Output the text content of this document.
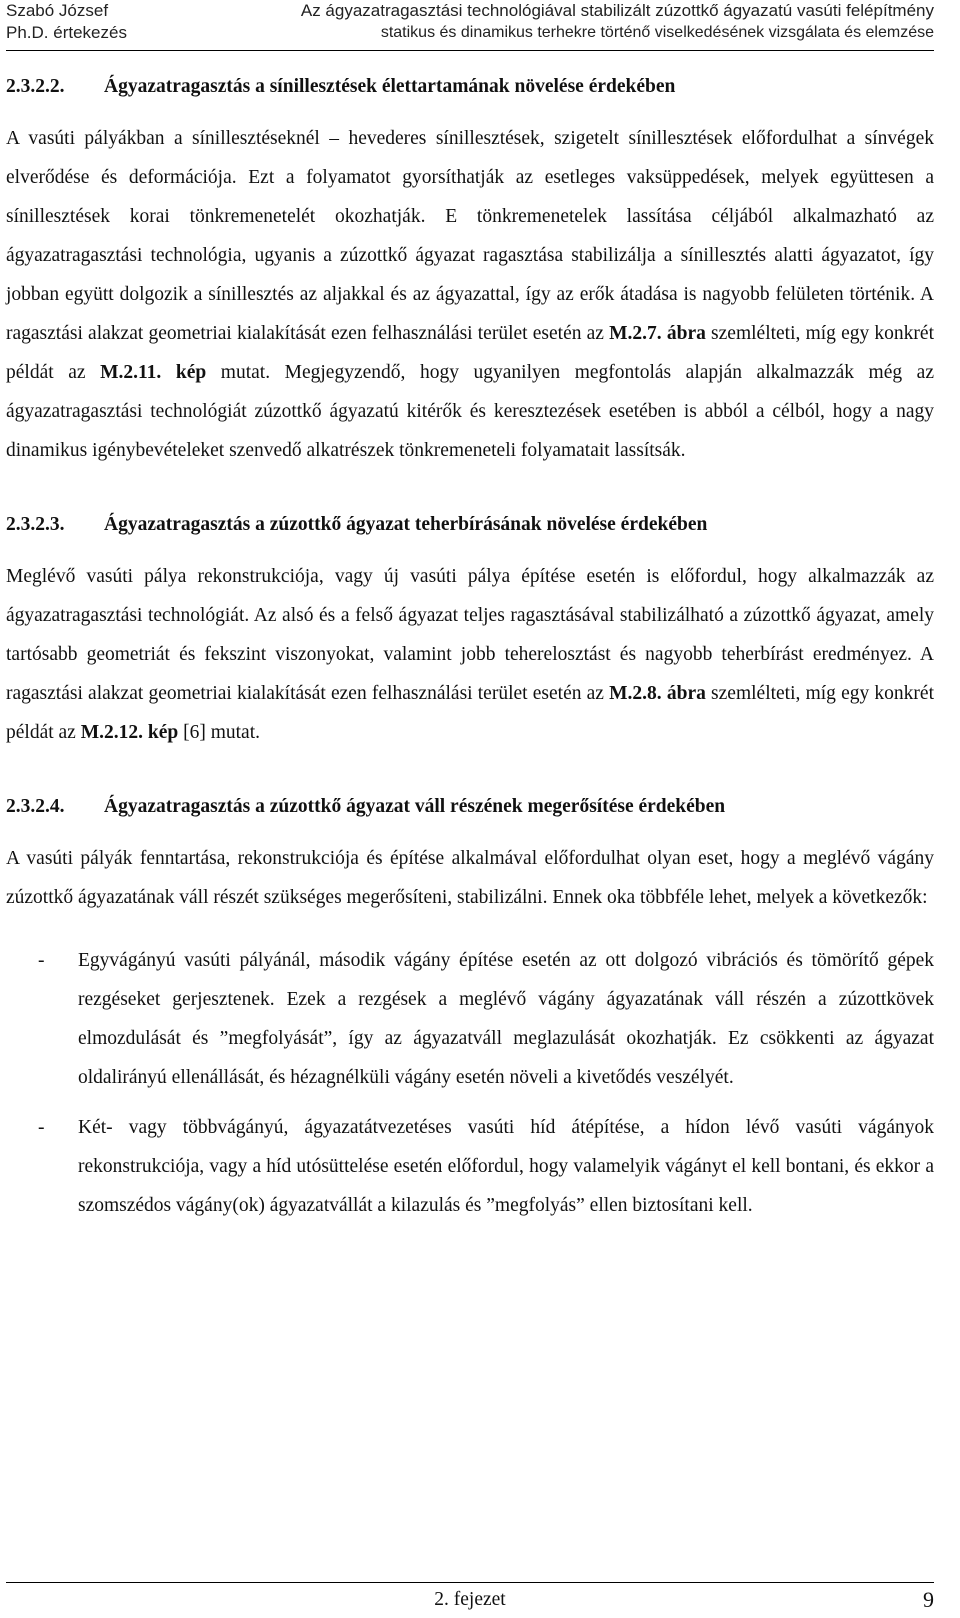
Szabó József
Ph.D. értekezés
Az ágyazatragasztási technológiával stabilizált zúzottkő ágyazatú vasúti felépítmény
statikus és dinamikus terhekre történő viselkedésének vizsgálata és elemzése
2.3.2.2. Ágyazatragasztás a sínillesztések élettartamának növelése érdekében

A vasúti pályákban a sínillesztéseknél – hevederes sínillesztések, szigetelt sínillesztések előfordulhat a sínvégek elverődése és deformációja. Ezt a folyamatot gyorsíthatják az esetleges vaksüppedések, melyek együttesen a sínillesztések korai tönkremenetelét okozhatják. E tönkremenetelek lassítása céljából alkalmazható az ágyazatragasztási technológia, ugyanis a zúzottkő ágyazat ragasztása stabilizálja a sínillesztés alatti ágyazatot, így jobban együtt dolgozik a sínillesztés az aljakkal és az ágyazattal, így az erők átadása is nagyobb felületen történik. A ragasztási alakzat geometriai kialakítását ezen felhasználási terület esetén az M.2.7. ábra szemlélteti, míg egy konkrét példát az M.2.11. kép mutat. Megjegyzendő, hogy ugyanilyen megfontolás alapján alkalmazzák még az ágyazatragasztási technológiát zúzottkő ágyazatú kitérők és keresztezések esetében is abból a célból, hogy a nagy dinamikus igénybevételeket szenvedő alkatrészek tönkremeneteli folyamatait lassítsák.

2.3.2.3. Ágyazatragasztás a zúzottkő ágyazat teherbírásának növelése érdekében

Meglévő vasúti pálya rekonstrukciója, vagy új vasúti pálya építése esetén is előfordul, hogy alkalmazzák az ágyazatragasztási technológiát. Az alsó és a felső ágyazat teljes ragasztásával stabilizálható a zúzottkő ágyazat, amely tartósabb geometriát és fekszint viszonyokat, valamint jobb teherelosztást és nagyobb teherbírást eredményez. A ragasztási alakzat geometriai kialakítását ezen felhasználási terület esetén az M.2.8. ábra szemlélteti, míg egy konkrét példát az M.2.12. kép [6] mutat.

2.3.2.4. Ágyazatragasztás a zúzottkő ágyazat váll részének megerősítése érdekében

A vasúti pályák fenntartása, rekonstrukciója és építése alkalmával előfordulhat olyan eset, hogy a meglévő vágány zúzottkő ágyazatának váll részét szükséges megerősíteni, stabilizálni. Ennek oka többféle lehet, melyek a következők:

- Egyvágányú vasúti pályánál, második vágány építése esetén az ott dolgozó vibrációs és tömörítő gépek rezgéseket gerjesztenek. Ezek a rezgések a meglévő vágány ágyazatának váll részén a zúzottkövek elmozdulását és ”megfolyását”, így az ágyazatváll meglazulását okozhatják. Ez csökkenti az ágyazat oldalirányú ellenállását, és hézagnélküli vágány esetén növeli a kivetődés veszélyét.
- Két- vagy többvágányú, ágyazatátvezetéses vasúti híd átépítése, a hídon lévő vasúti vágányok rekonstrukciója, vagy a híd utósüttelése esetén előfordul, hogy valamelyik vágányt el kell bontani, és ekkor a szomszédos vágány(ok) ágyazatvállát a kilazulás és ”megfolyás” ellen biztosítani kell.
2. fejezet	9
